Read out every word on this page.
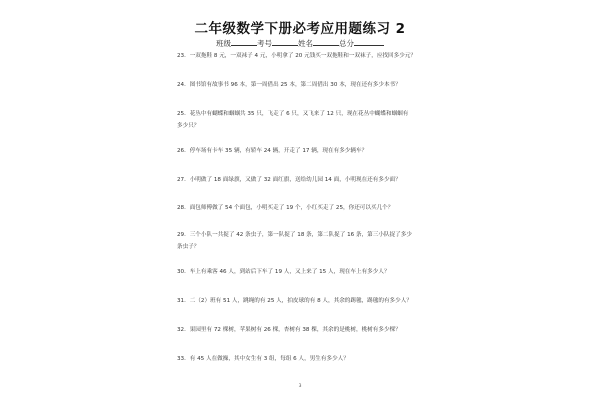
二年级数学下册必考应用题练习 2
班级	考号	姓名	总分
23．一双拖鞋 8 元，一双袜子 4 元，小明拿了 20 元钱买一双拖鞋和一双袜子，应找回多少元？
24．图书馆有故事书 96 本，第一周借出 25 本，第二周借出 30 本，现在还有多少本书？
25．花丛中有蝴蝶和蝈蝈共 35 只，飞走了 6 只，又飞来了 12 只，现在花丛中蝴蝶和蝈蝈有
多少只？
26．停车场有卡车 35 辆，有轿车 24 辆，开走了 17 辆，现在有多少辆车？
27．小明做了 18 面绿旗，又做了 32 面红旗，送给幼儿园 14 面，小明现在还有多少面？
28．面包师傅做了 54 个面包，小明买走了 19 个，小红买走了 25，你还可以买几个？
29．三个小队一共捉了 42 条虫子，第一队捉了 18 条，第二队捉了 16 条，第三小队捉了多少
条虫子？
30．车上有乘客 46 人，到站后下车了 19 人，又上来了 15 人，现在车上有多少人？
31．二（2）班有 51 人，跳绳的有 25 人，拍皮球的有 8 人，其余的踢毽，踢毽的有多少人？
32．果园里有 72 棵树，苹果树有 26 棵，杏树有 38 棵，其余的是桃树，桃树有多少棵？
33．有 45 人在做操，其中女生有 3 组，每组 6 人，男生有多少人？
3
